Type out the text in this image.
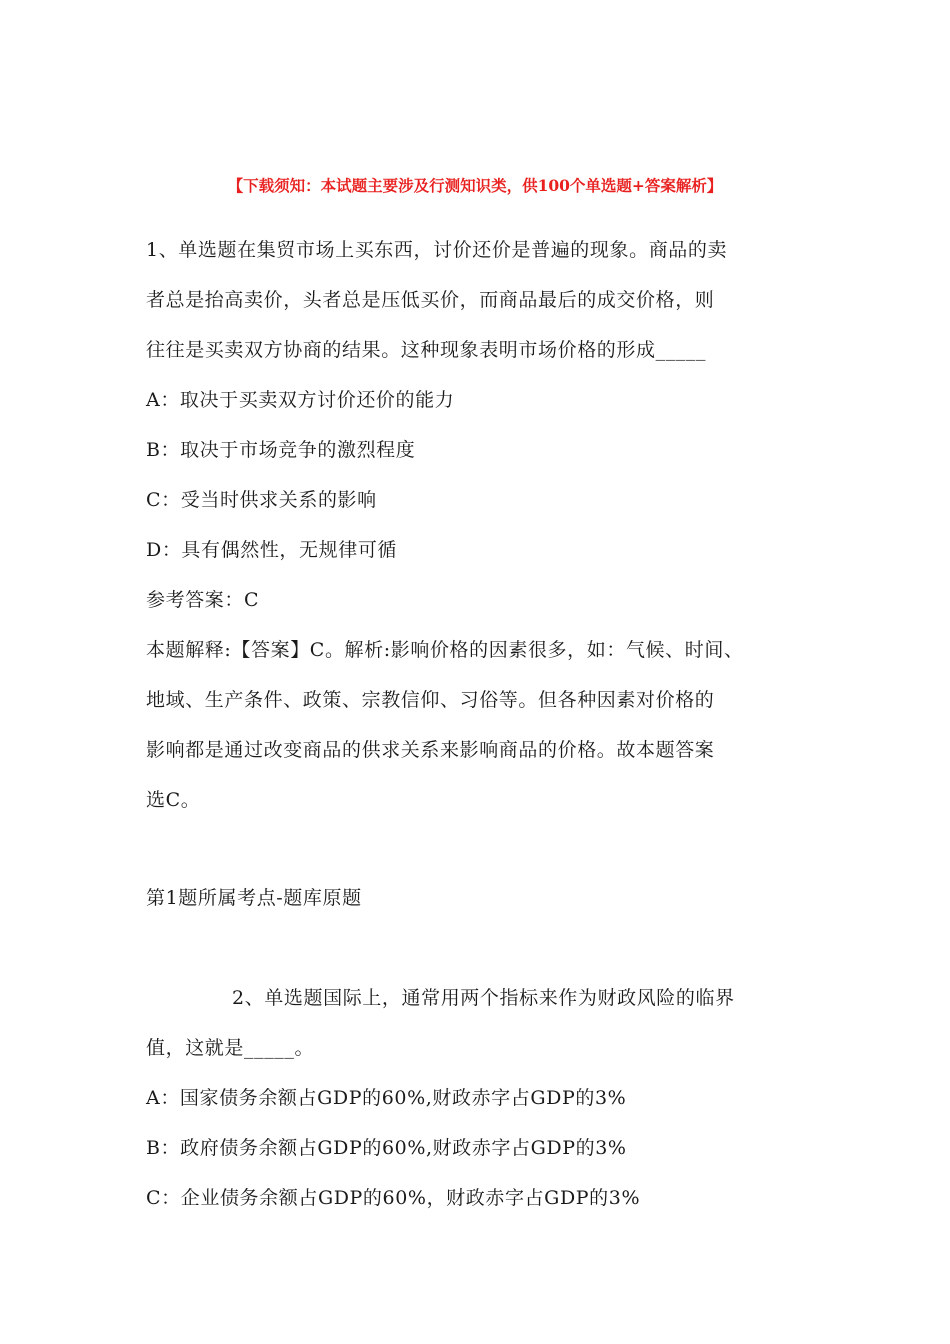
【下载须知：本试题主要涉及行测知识类，供100个单选题+答案解析】
1、单选题在集贸市场上买东西，讨价还价是普遍的现象。商品的卖
者总是抬高卖价，头者总是压低买价，而商品最后的成交价格，则
往往是买卖双方协商的结果。这种现象表明市场价格的形成_____
A：取决于买卖双方讨价还价的能力
B：取决于市场竞争的激烈程度
C：受当时供求关系的影响
D：具有偶然性，无规律可循
参考答案：C
本题解释:【答案】C。解析:影响价格的因素很多，如：气候、时间、
地域、生产条件、政策、宗教信仰、习俗等。但各种因素对价格的
影响都是通过改变商品的供求关系来影响商品的价格。故本题答案
选C。
第1题所属考点-题库原题
2、单选题国际上，通常用两个指标来作为财政风险的临界
值，这就是_____。
A：国家债务余额占GDP的60%,财政赤字占GDP的3%
B：政府债务余额占GDP的60%,财政赤字占GDP的3%
C：企业债务余额占GDP的60%，财政赤字占GDP的3%
